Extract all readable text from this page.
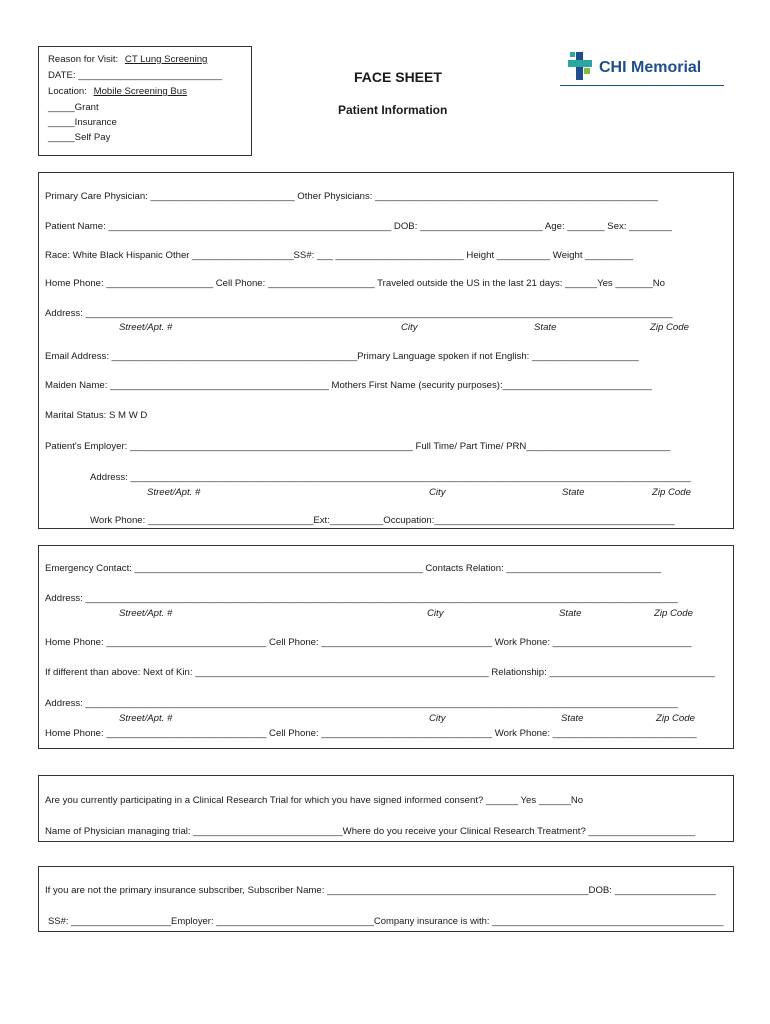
Reason for Visit: CT Lung Screening
DATE: ___________________________
Location: Mobile Screening Bus
_____Grant
_____Insurance
_____Self Pay
FACE SHEET
Patient Information
CHI Memorial
Primary Care Physician: ___________________________ Other Physicians: _____________________________________________________
Patient Name: _____________________________________________________ DOB: _______________________ Age: _______ Sex: ________
Race: White Black Hispanic Other ___________________SS#: ___ ________________________ Height __________ Weight _________
Home Phone: ____________________ Cell Phone: ____________________ Traveled outside the US in the last 21 days: ______Yes _______No
Address: ______________________________________________________________________________________________________________
Street/Apt. #	City	State	Zip Code
Email Address: ______________________________________________Primary Language spoken if not English: ____________________
Maiden Name: _________________________________________ Mothers First Name (security purposes):____________________________
Marital Status: S M W D
Patient's Employer: _____________________________________________________ Full Time/ Part Time/ PRN___________________________
Address: _________________________________________________________________________________________________________
Street/Apt. #	City	State	Zip Code
Work Phone: _______________________________Ext:__________Occupation:_____________________________________________
Emergency Contact: ______________________________________________________ Contacts Relation: _____________________________
Address: _______________________________________________________________________________________________________________
Street/Apt. #	City	State	Zip Code
Home Phone: ______________________________ Cell Phone: ________________________________ Work Phone: __________________________
If different than above: Next of Kin: _______________________________________________________ Relationship: _______________________________
Address: _______________________________________________________________________________________________________________
Street/Apt. #	City	State	Zip Code
Home Phone: ______________________________ Cell Phone: ________________________________ Work Phone: ___________________________
Are you currently participating in a Clinical Research Trial for which you have signed informed consent? ______ Yes ______No
Name of Physician managing trial: ____________________________Where do you receive your Clinical Research Treatment? ____________________
If you are not the primary insurance subscriber, Subscriber Name: _________________________________________________DOB: ___________________
SS#: ___________________Employer: ______________________________Company insurance is with: ____________________________________________
